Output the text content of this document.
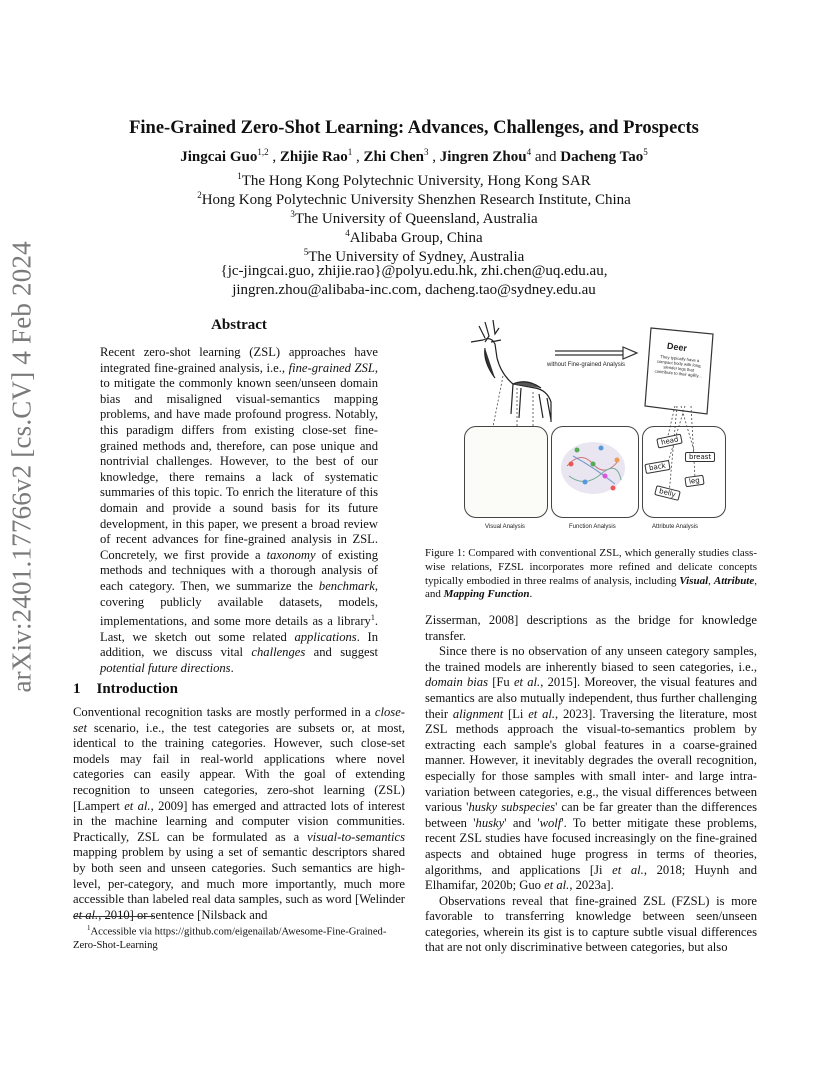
arXiv:2401.17766v2 [cs.CV] 4 Feb 2024
Fine-Grained Zero-Shot Learning: Advances, Challenges, and Prospects
Jingcai Guo$^{1,2}$ , Zhijie Rao$^1$ , Zhi Chen$^3$ , Jingren Zhou$^4$ and Dacheng Tao$^5$
$^1$The Hong Kong Polytechnic University, Hong Kong SAR
$^2$Hong Kong Polytechnic University Shenzhen Research Institute, China
$^3$The University of Queensland, Australia
$^4$Alibaba Group, China
$^5$The University of Sydney, Australia
{jc-jingcai.guo, zhijie.rao}@polyu.edu.hk, zhi.chen@uq.edu.au,
jingren.zhou@alibaba-inc.com, dacheng.tao@sydney.edu.au
Abstract
Recent zero-shot learning (ZSL) approaches have integrated fine-grained analysis, i.e., fine-grained ZSL, to mitigate the commonly known seen/unseen domain bias and misaligned visual-semantics mapping problems, and have made profound progress. Notably, this paradigm differs from existing close-set fine-grained methods and, therefore, can pose unique and nontrivial challenges. However, to the best of our knowledge, there remains a lack of systematic summaries of this topic. To enrich the literature of this domain and provide a sound basis for its future development, in this paper, we present a broad review of recent advances for fine-grained analysis in ZSL. Concretely, we first provide a taxonomy of existing methods and techniques with a thorough analysis of each category. Then, we summarize the benchmark, covering publicly available datasets, models, implementations, and some more details as a library$^1$. Last, we sketch out some related applications. In addition, we discuss vital challenges and suggest potential future directions.
1 Introduction
Conventional recognition tasks are mostly performed in a close-set scenario, i.e., the test categories are subsets or, at most, identical to the training categories. However, such close-set models may fail in real-world applications where novel categories can easily appear. With the goal of extending recognition to unseen categories, zero-shot learning (ZSL) [Lampert et al., 2009] has emerged and attracted lots of interest in the machine learning and computer vision communities. Practically, ZSL can be formulated as a visual-to-semantics mapping problem by using a set of semantic descriptors shared by both seen and unseen categories. Such semantics are high-level, per-category, and much more importantly, much more accessible than labeled real data samples, such as word [Welinder et al., 2010] or sentence [Nilsback and
$^1$Accessible via https://github.com/eigenailab/Awesome-Fine-Grained-Zero-Shot-Learning
without Fine-grained Analysis
Deer
They typically have a compact body with long, slender legs that contribute to their agility...
head
breast
back
leg
belly
Visual Analysis	Function Analysis	Attribute Analysis
Figure 1: Compared with conventional ZSL, which generally studies class-wise relations, FZSL incorporates more refined and delicate concepts typically embodied in three realms of analysis, including Visual, Attribute, and Mapping Function.
Zisserman, 2008] descriptions as the bridge for knowledge transfer.
Since there is no observation of any unseen category samples, the trained models are inherently biased to seen categories, i.e., domain bias [Fu et al., 2015]. Moreover, the visual features and semantics are also mutually independent, thus further challenging their alignment [Li et al., 2023]. Traversing the literature, most ZSL methods approach the visual-to-semantics problem by extracting each sample's global features in a coarse-grained manner. However, it inevitably degrades the overall recognition, especially for those samples with small inter- and large intra-variation between categories, e.g., the visual differences between various 'husky subspecies' can be far greater than the differences between 'husky' and 'wolf'. To better mitigate these problems, recent ZSL studies have focused increasingly on the fine-grained aspects and obtained huge progress in terms of theories, algorithms, and applications [Ji et al., 2018; Huynh and Elhamifar, 2020b; Guo et al., 2023a].
Observations reveal that fine-grained ZSL (FZSL) is more favorable to transferring knowledge between seen/unseen categories, wherein its gist is to capture subtle visual differences that are not only discriminative between categories, but also
